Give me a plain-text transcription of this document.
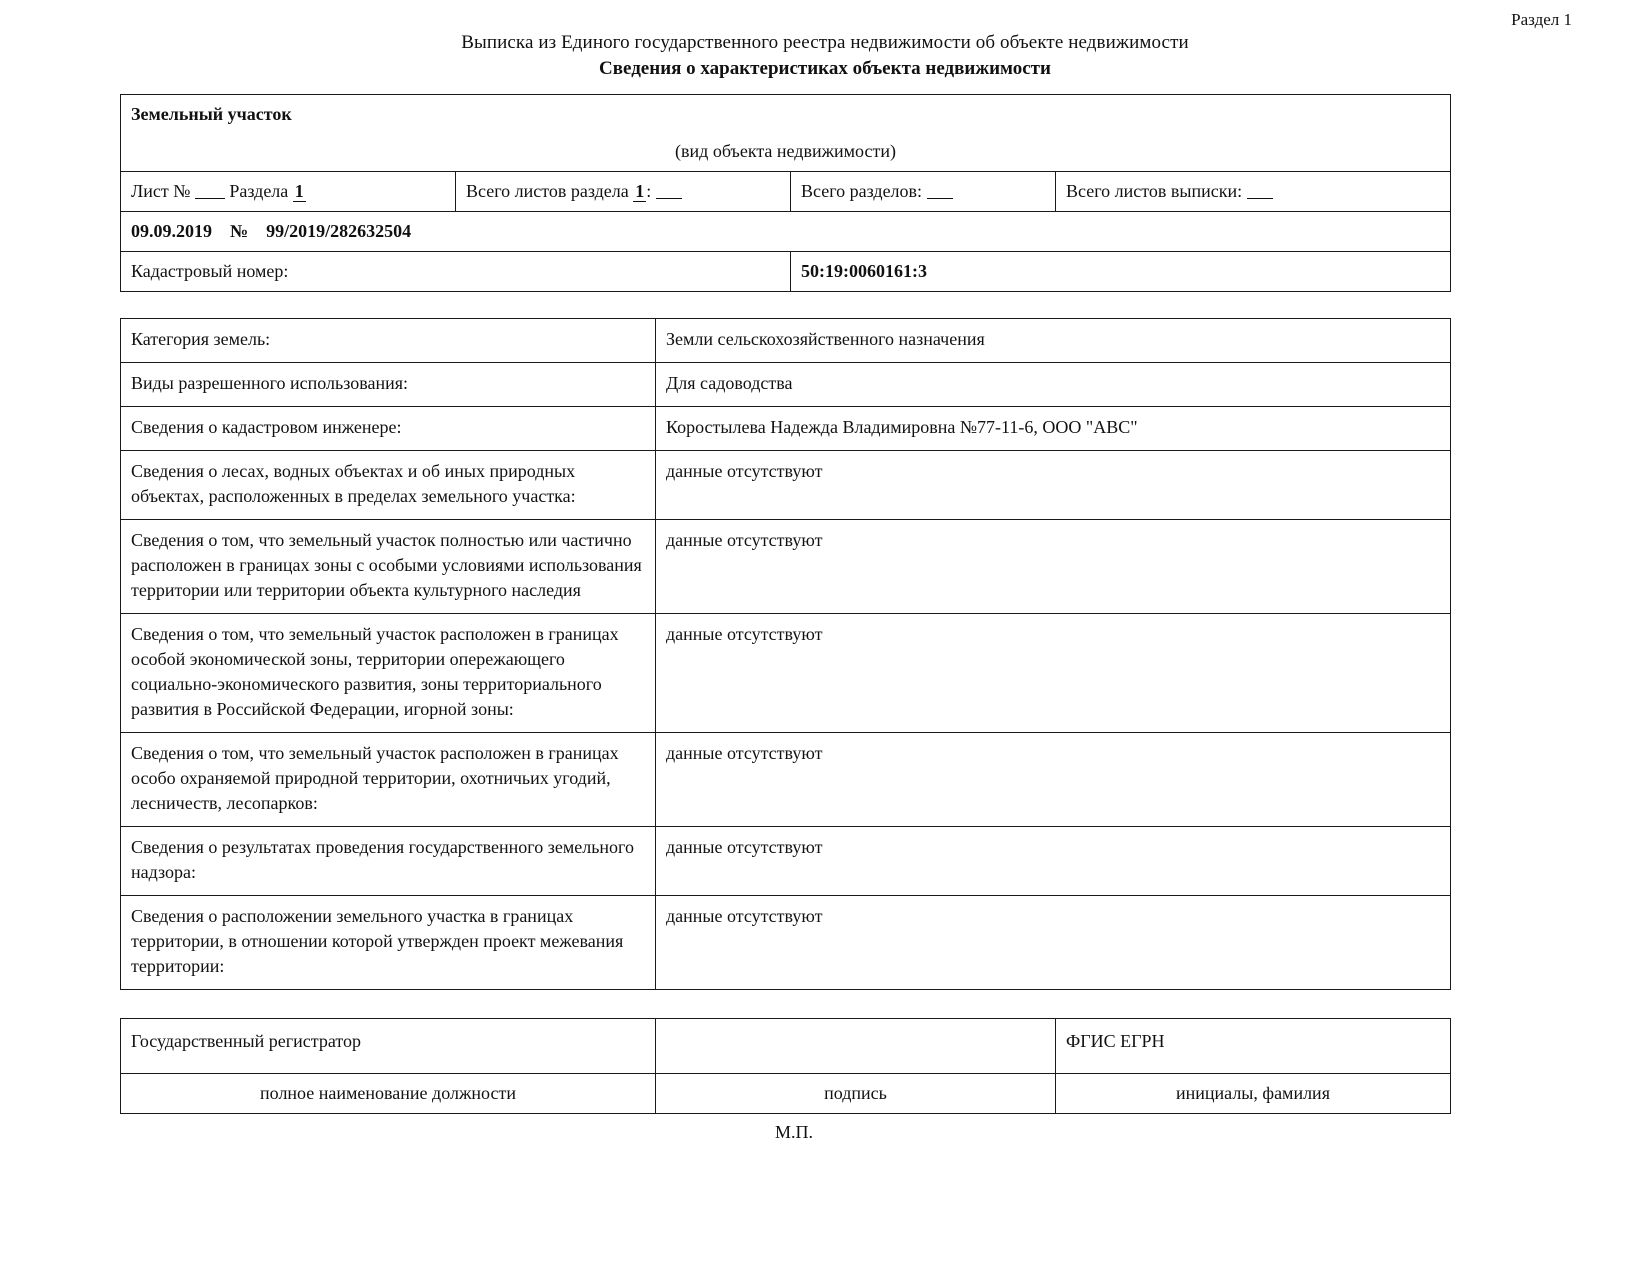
Раздел 1
Выписка из Единого государственного реестра недвижимости об объекте недвижимости
Сведения о характеристиках объекта недвижимости
Земельный участок			
(вид объекта недвижимости)			
Лист № Раздела 1	Всего листов раздела 1 :	Всего разделов:	Всего листов выписки:
09.09.2019 № 99/2019/282632504			
Кадастровый номер:		50:19:0060161:3	
Категория земель:	Земли сельскохозяйственного назначения
Виды разрешенного использования:	Для садоводства
Сведения о кадастровом инженере:	Коростылева Надежда Владимировна №77-11-6, ООО "АВС"
Сведения о лесах, водных объектах и об иных природных объектах, расположенных в пределах земельного участка:	данные отсутствуют
Сведения о том, что земельный участок полностью или частично расположен в границах зоны с особыми условиями использования территории или территории объекта культурного наследия	данные отсутствуют
Сведения о том, что земельный участок расположен в границах особой экономической зоны, территории опережающего социально-экономического развития, зоны территориального развития в Российской Федерации, игорной зоны:	данные отсутствуют
Сведения о том, что земельный участок расположен в границах особо охраняемой природной территории, охотничьих угодий, лесничеств, лесопарков:	данные отсутствуют
Сведения о результатах проведения государственного земельного надзора:	данные отсутствуют
Сведения о расположении земельного участка в границах территории, в отношении которой утвержден проект межевания территории:	данные отсутствуют
Государственный регистратор		ФГИС ЕГРН
полное наименование должности	подпись	инициалы, фамилия
М.П.
